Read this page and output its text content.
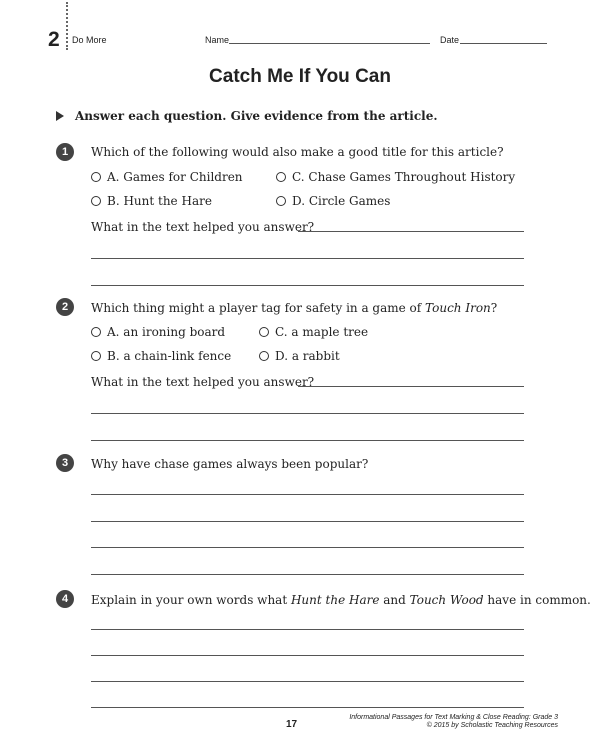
2 Do More	Name	Date
Catch Me If You Can
Answer each question. Give evidence from the article.
1	Which of the following would also make a good title for this article?
A. Games for Children
B. Hunt the Hare
C. Chase Games Throughout History
D. Circle Games
What in the text helped you answer?
2	Which thing might a player tag for safety in a game of Touch Iron?
A. an ironing board
B. a chain-link fence
C. a maple tree
D. a rabbit
What in the text helped you answer?
3	Why have chase games always been popular?
4	Explain in your own words what Hunt the Hare and Touch Wood have in common.
17
Informational Passages for Text Marking & Close Reading: Grade 3
© 2015 by Scholastic Teaching Resources
